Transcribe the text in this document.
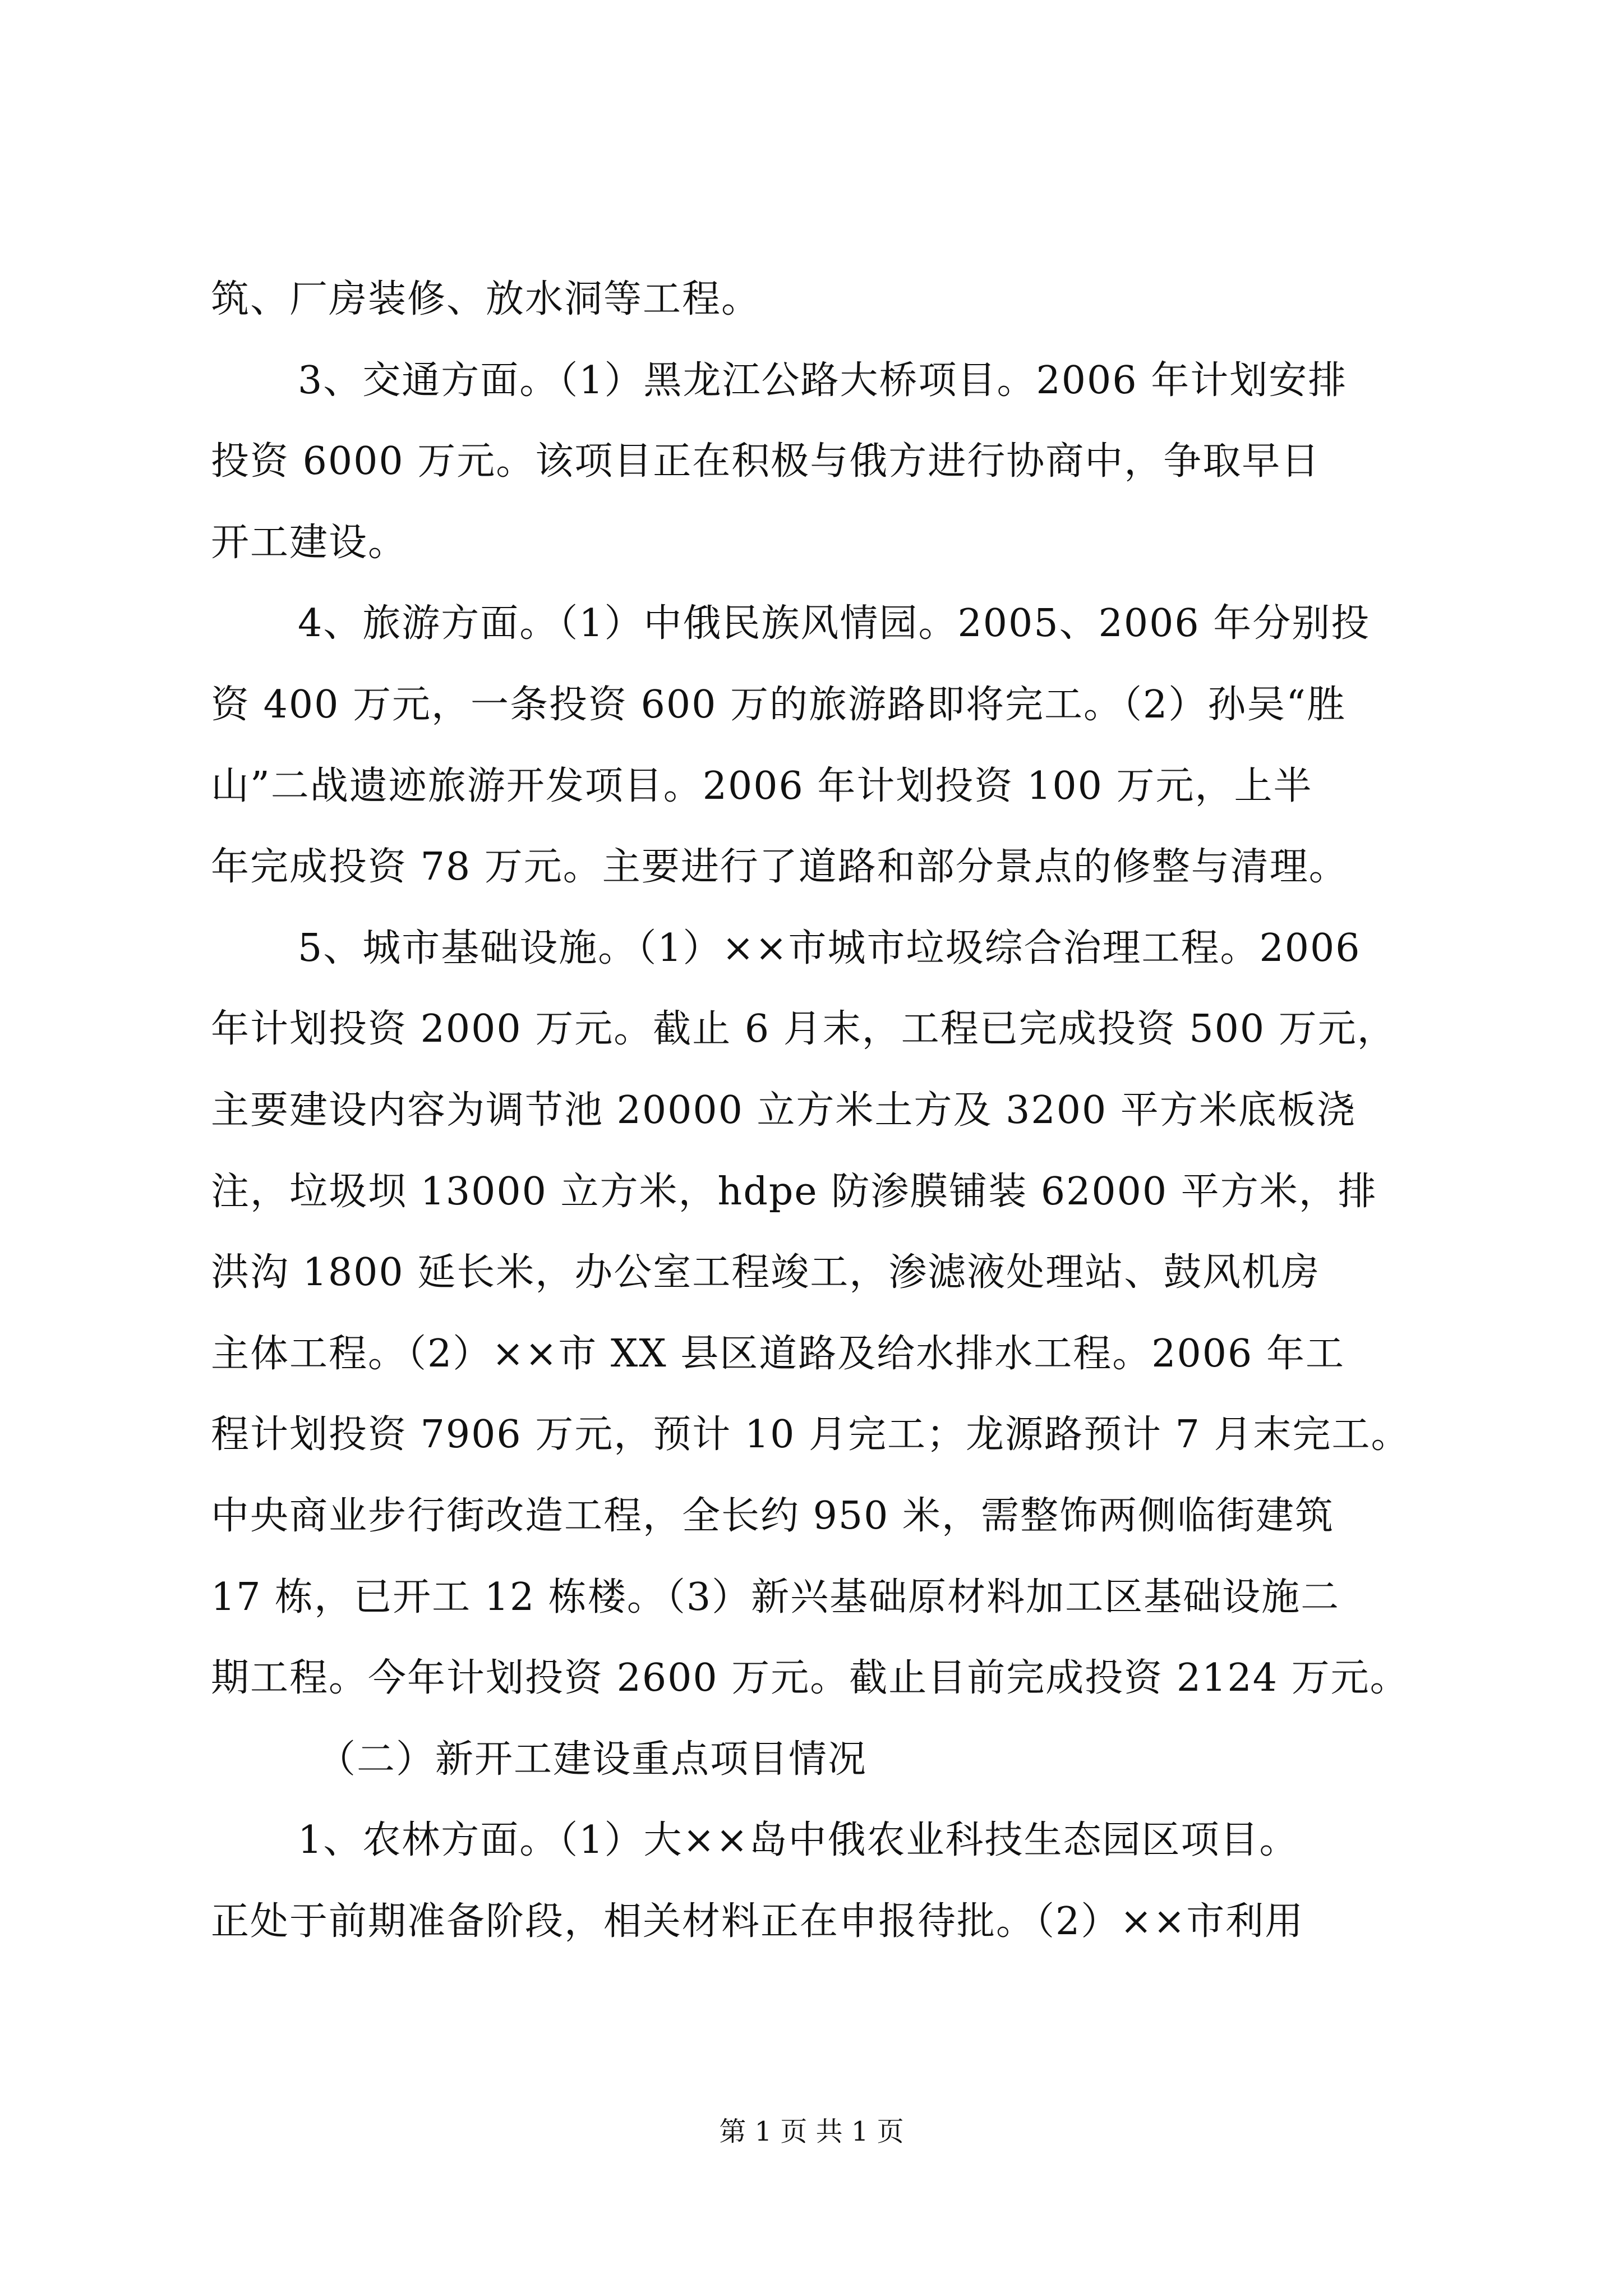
筑、厂房装修、放水洞等工程。
3、交通方面。（1）黑龙江公路大桥项目。2006 年计划安排
投资 6000 万元。该项目正在积极与俄方进行协商中，争取早日
开工建设。
4、旅游方面。（1）中俄民族风情园。2005、2006 年分别投
资 400 万元，一条投资 600 万的旅游路即将完工。（2）孙吴“胜
山”二战遗迹旅游开发项目。2006 年计划投资 100 万元，上半
年完成投资 78 万元。主要进行了道路和部分景点的修整与清理。
5、城市基础设施。（1）××市城市垃圾综合治理工程。2006
年计划投资 2000 万元。截止 6 月末，工程已完成投资 500 万元，
主要建设内容为调节池 20000 立方米土方及 3200 平方米底板浇
注，垃圾坝 13000 立方米，hdpe 防渗膜铺装 62000 平方米，排
洪沟 1800 延长米，办公室工程竣工，渗滤液处理站、鼓风机房
主体工程。（2）××市 XX 县区道路及给水排水工程。2006 年工
程计划投资 7906 万元，预计 10 月完工；龙源路预计 7 月末完工。
中央商业步行街改造工程，全长约 950 米，需整饰两侧临街建筑
17 栋，已开工 12 栋楼。（3）新兴基础原材料加工区基础设施二
期工程。今年计划投资 2600 万元。截止目前完成投资 2124 万元。
（二）新开工建设重点项目情况
1、农林方面。（1）大××岛中俄农业科技生态园区项目。
正处于前期准备阶段，相关材料正在申报待批。（2）××市利用
第 1 页 共 1 页
